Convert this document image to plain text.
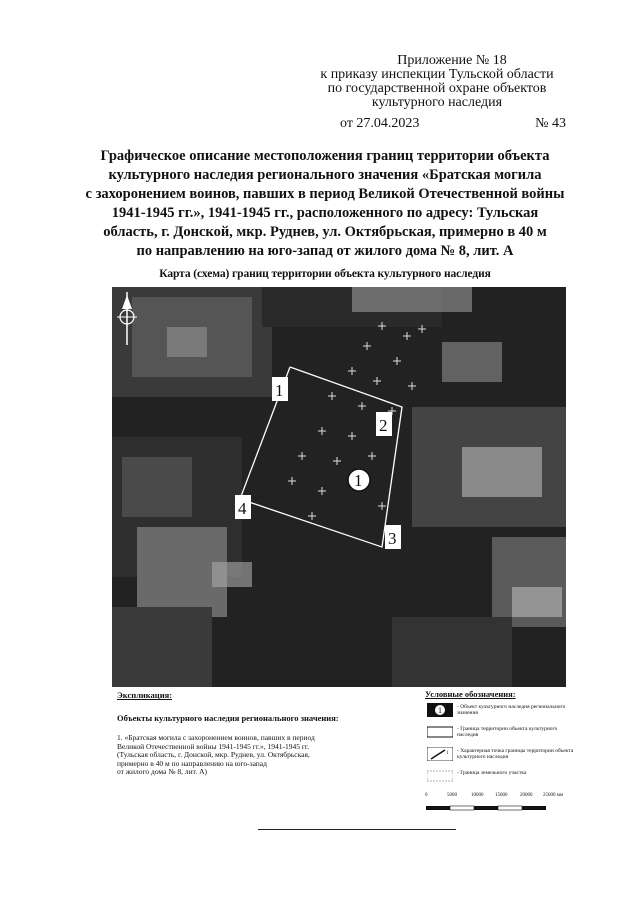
Приложение № 18
к приказу инспекции Тульской области
по государственной охране объектов
культурного наследия
от 27.04.2023	№ 43
Графическое описание местоположения границ территории объекта
культурного наследия регионального значения «Братская могила
с захоронением воинов, павших в период Великой Отечественной войны
1941-1945 гг.», 1941-1945 гг., расположенного по адресу: Тульская
область, г. Донской, мкр. Руднев, ул. Октябрьская, примерно в 40 м
по направлению на юго-запад от жилого дома № 8, лит. А
Карта (схема) границ территории объекта культурного наследия
1
2
3
4
1
Экспликация:
Объекты культурного наследия регионального значения:
1. «Братская могила с захоронением воинов, павших в период
Великой Отечественной войны 1941-1945 гг.», 1941-1945 гг.
(Тульская область, г. Донской, мкр. Руднев, ул. Октябрьская,
примерно в 40 м по направлению на юго-запад
от жилого дома № 8, лит. А)
Условные обозначения:
1	- Объект культурного наследия регионального значения
- Граница территории объекта культурного наследия
1 - Характерная точка границы территории объекта культурного наследия
- Граница земельного участка
0	5000	10000 15000	20000 25000 мм
